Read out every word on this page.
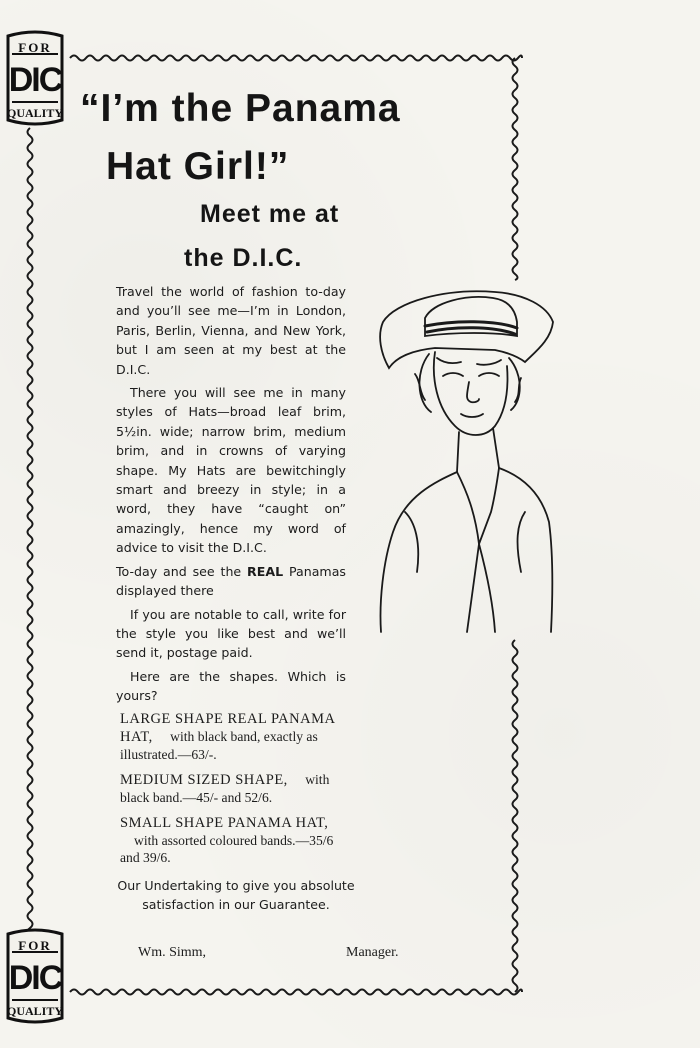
FOR
DIC
QUALITY
FOR
DIC
QUALITY
“I’m the Panama
Hat Girl!”
Meet me at
the D.I.C.

Travel the world of fashion to-day and you’ll see me—I’m in London, Paris, Berlin, Vienna, and New York, but I am seen at my best at the D.I.C.

There you will see me in many styles of Hats—broad leaf brim, 5½in. wide; narrow brim, medium brim, and in crowns of varying shape. My Hats are bewitchingly smart and breezy in style; in a word, they have “caught on” amazingly, hence my word of advice to visit the D.I.C.

To-day and see the REAL Panamas displayed there

If you are notable to call, write for the style you like best and we’ll send it, postage paid.

Here are the shapes. Which is yours?

LARGE SHAPE REAL PANAMA HAT, with black band, exactly as illustrated.—63/-.
MEDIUM SIZED SHAPE, with black band.—45/- and 52/6.
SMALL SHAPE PANAMA HAT, with assorted coloured bands.—35/6 and 39/6.
Our Undertaking to give you absolute satisfaction in our Guarantee.
Wm. Simm,	Manager.
